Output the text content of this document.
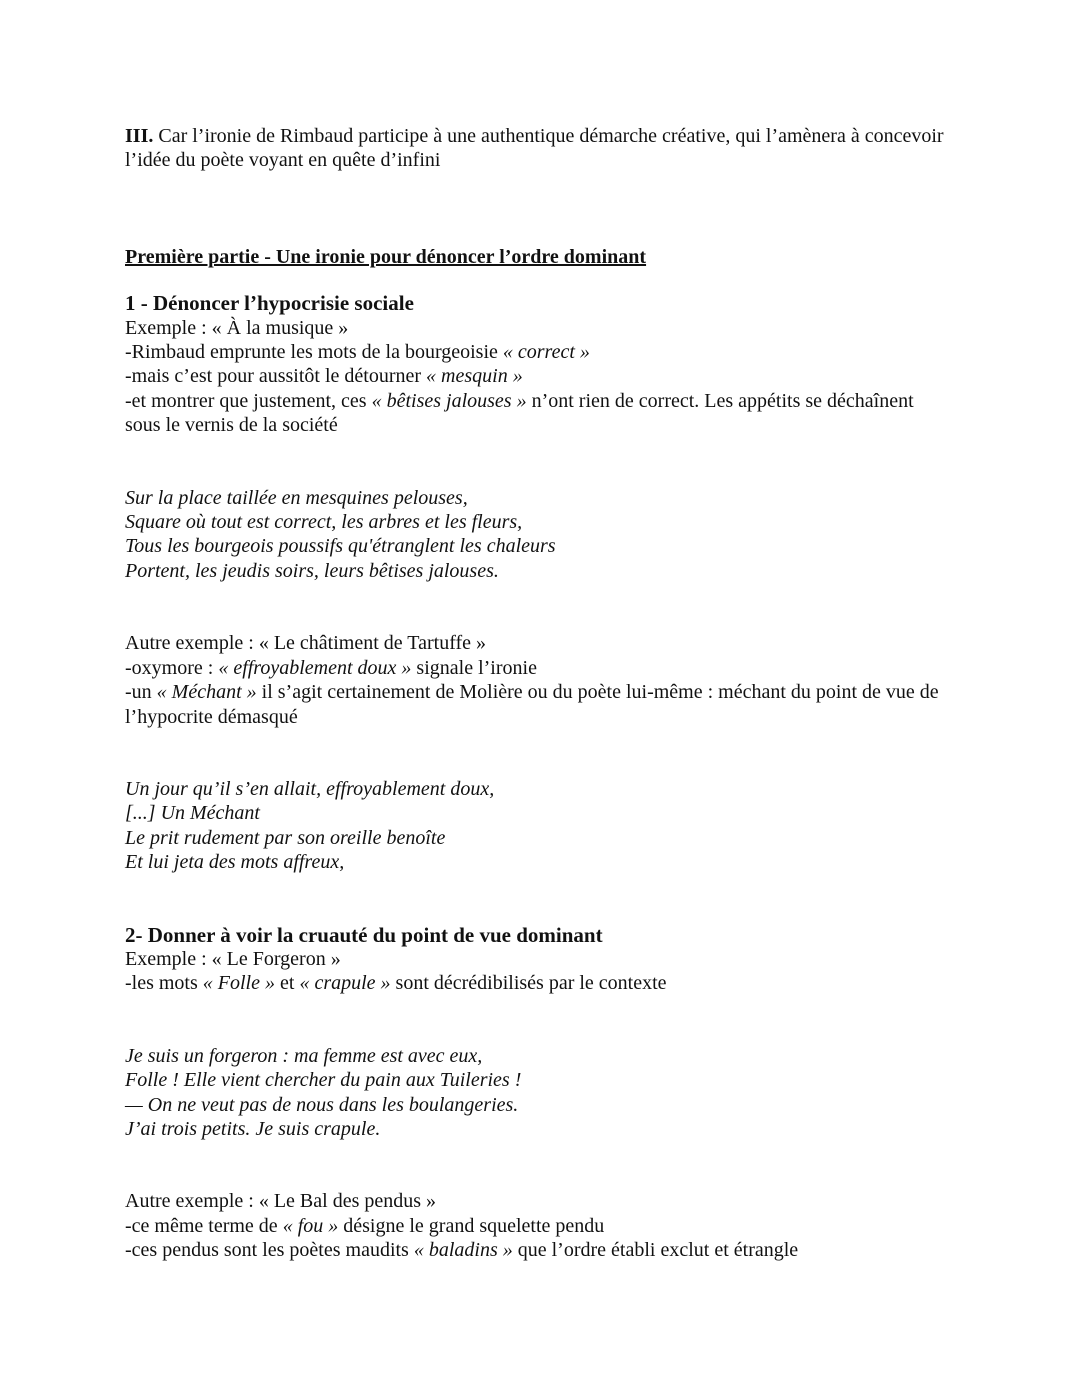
III. Car l’ironie de Rimbaud participe à une authentique démarche créative, qui l’amènera à concevoir l’idée du poète voyant en quête d’infini

Première partie - Une ironie pour dénoncer l’ordre dominant

1 - Dénoncer l’hypocrisie sociale

Exemple : « À la musique »

-Rimbaud emprunte les mots de la bourgeoisie « correct »

-mais c’est pour aussitôt le détourner « mesquin »

-et montrer que justement, ces « bêtises jalouses » n’ont rien de correct. Les appétits se déchaînent sous le vernis de la société

Sur la place taillée en mesquines pelouses,
Square où tout est correct, les arbres et les fleurs,
Tous les bourgeois poussifs qu'étranglent les chaleurs
Portent, les jeudis soirs, leurs bêtises jalouses.

Autre exemple : « Le châtiment de Tartuffe »

-oxymore : « effroyablement doux » signale l’ironie

-un « Méchant » il s’agit certainement de Molière ou du poète lui-même : méchant du point de vue de l’hypocrite démasqué

Un jour qu’il s’en allait, effroyablement doux,
[...] Un Méchant
Le prit rudement par son oreille benoîte
Et lui jeta des mots affreux,

2- Donner à voir la cruauté du point de vue dominant

Exemple : « Le Forgeron »

-les mots « Folle » et « crapule » sont décrédibilisés par le contexte

Je suis un forgeron : ma femme est avec eux,
Folle ! Elle vient chercher du pain aux Tuileries !
— On ne veut pas de nous dans les boulangeries.
J’ai trois petits. Je suis crapule.

Autre exemple : « Le Bal des pendus »

-ce même terme de « fou » désigne le grand squelette pendu

-ces pendus sont les poètes maudits « baladins » que l’ordre établi exclut et étrangle
